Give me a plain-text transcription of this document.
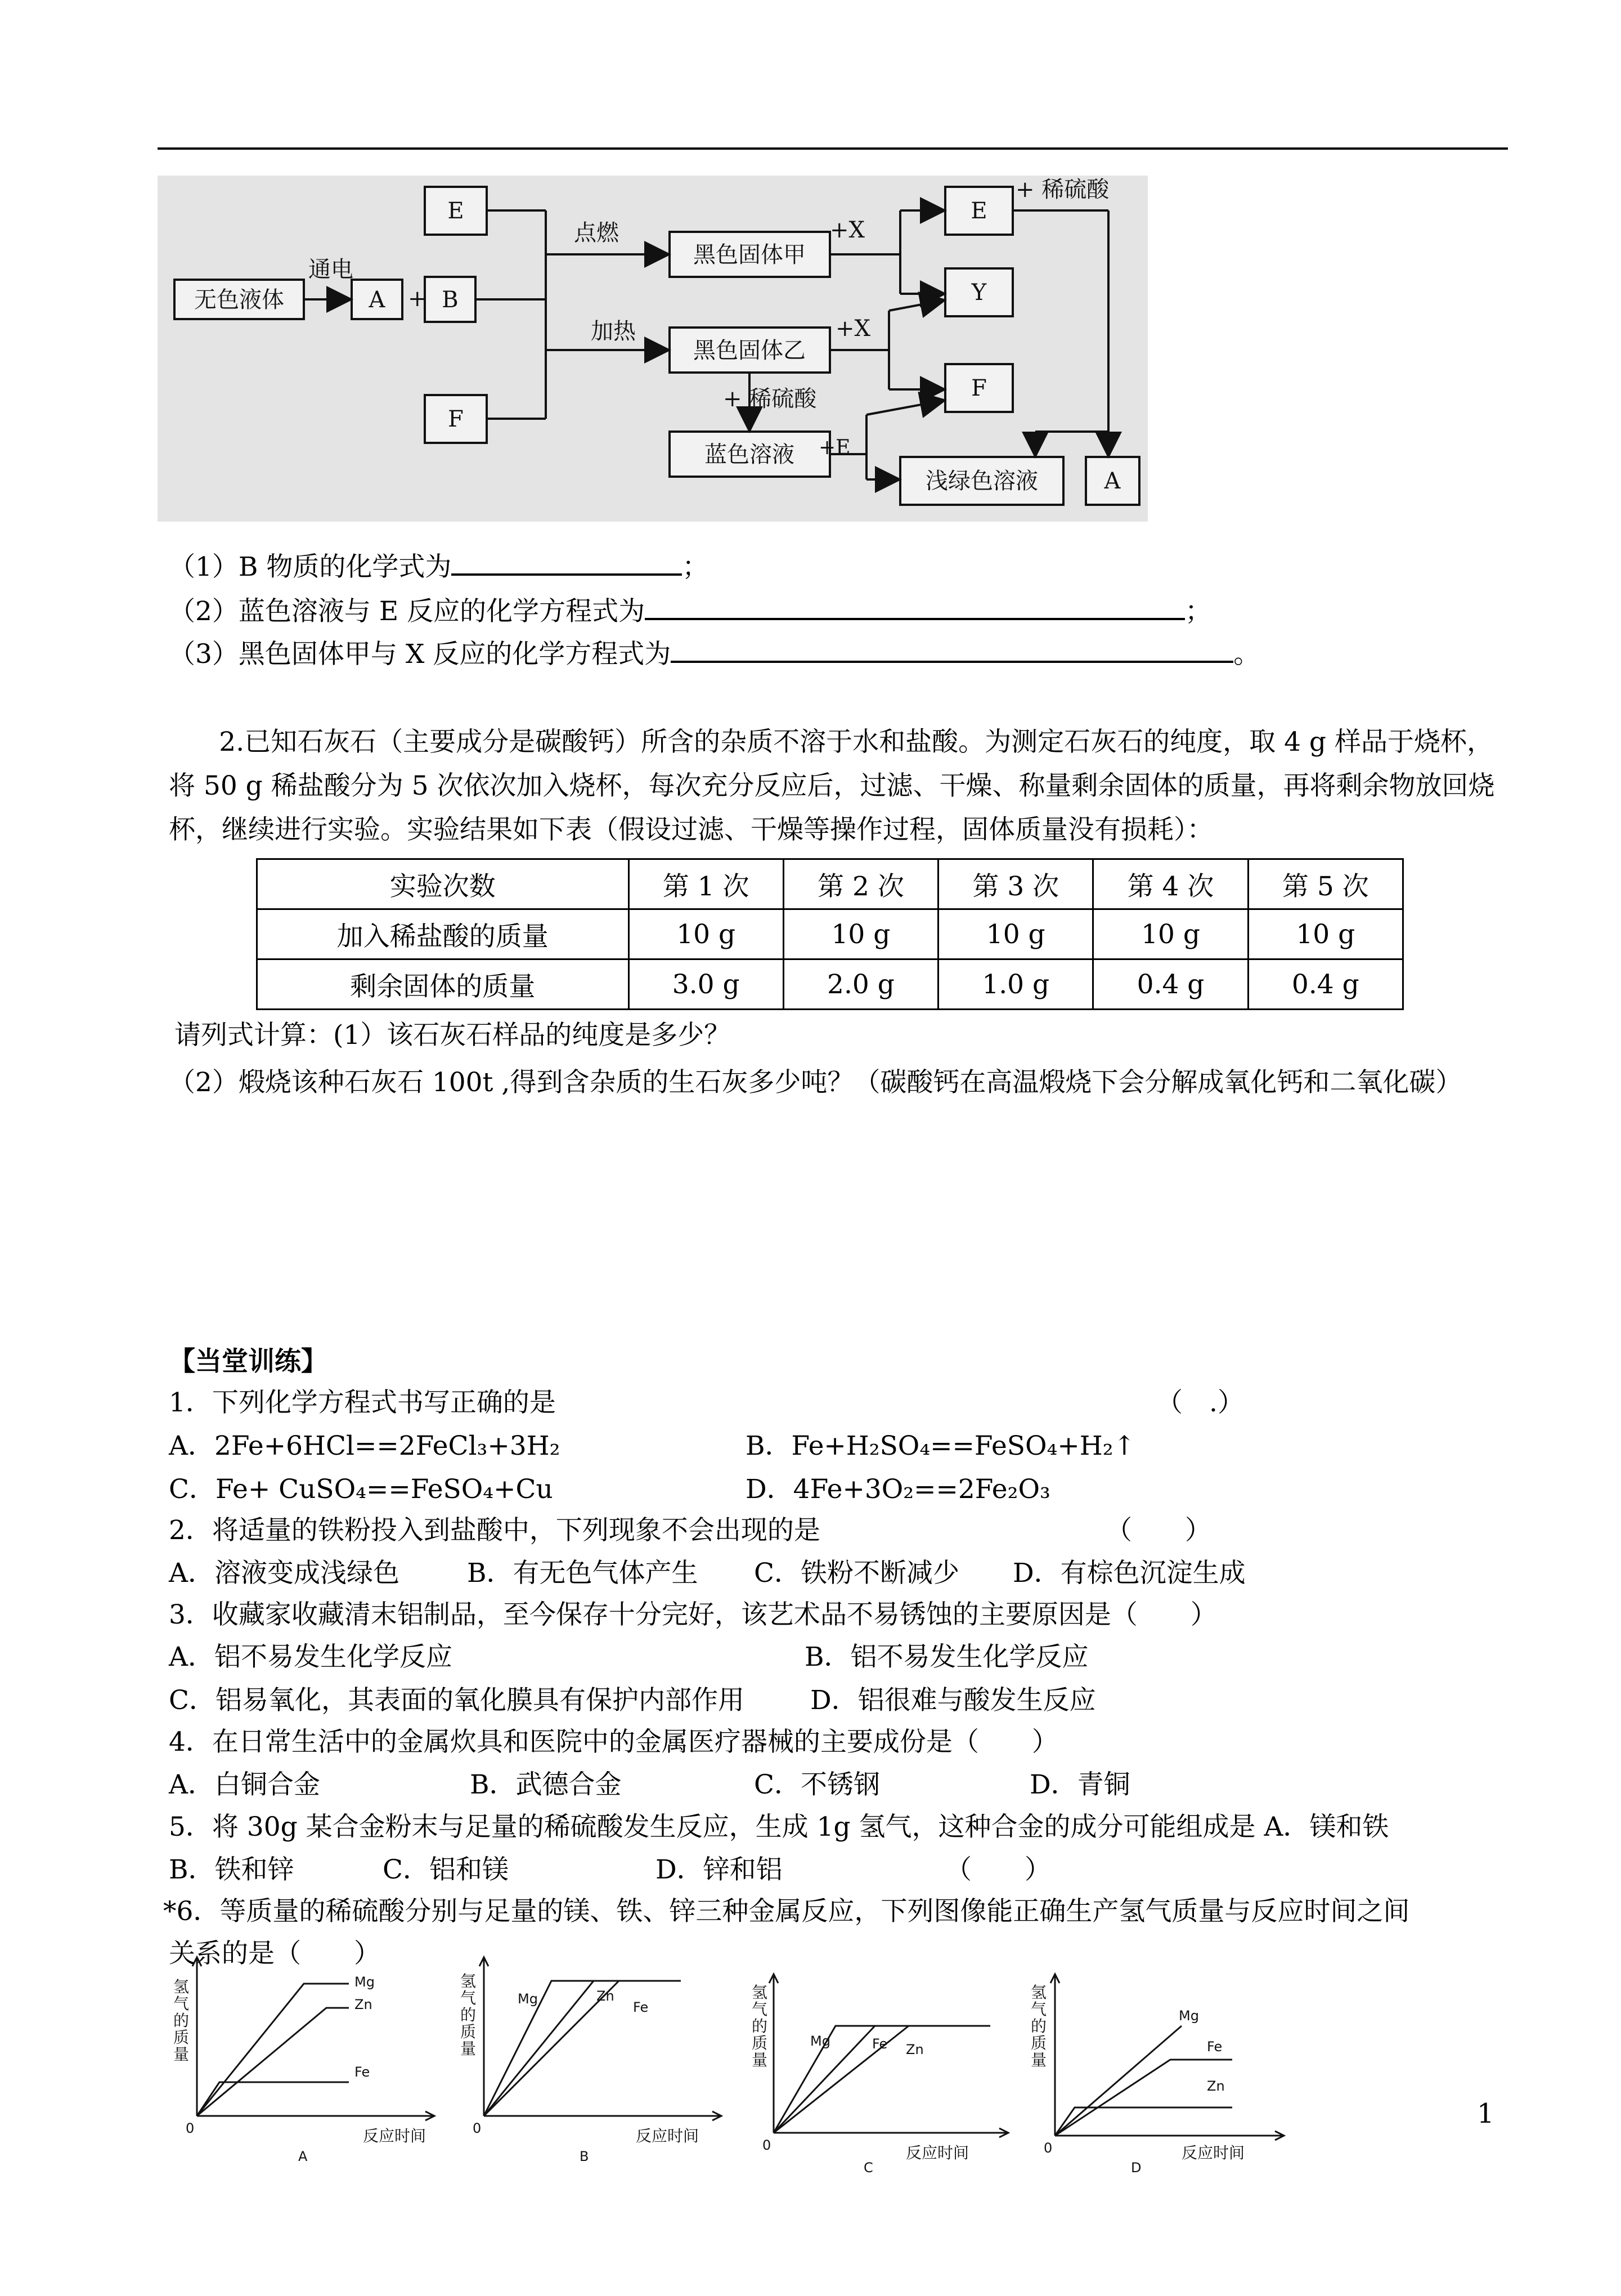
无色液体	A	B
E
F
黑色固体甲
黑色固体乙
蓝色溶液
E
Y
F
浅绿色溶液	A
通电
+
点燃
加热
+X
+X
+ 稀硫酸
+ 稀硫酸
+E
（1）B 物质的化学式为	；
（2）蓝色溶液与 E 反应的化学方程式为	；
（3）黑色固体甲与 X 反应的化学方程式为	。
2.已知石灰石（主要成分是碳酸钙）所含的杂质不溶于水和盐酸。为测定石灰石的纯度，取 4 g 样品于烧杯， 将 50 g 稀盐酸分为 5 次依次加入烧杯，每次充分反应后，过滤、干燥、称量剩余固体的质量，再将剩余物放回烧杯，继续进行实验。实验结果如下表（假设过滤、干燥等操作过程，固体质量没有损耗）：
实验次数	第 1 次	第 2 次	第 3 次	第 4 次	第 5 次
加入稀盐酸的质量	10 g	10 g	10 g	10 g	10 g
剩余固体的质量	3.0 g	2.0 g	1.0 g	0.4 g	0.4 g
请列式计算：(1）该石灰石样品的纯度是多少？
（2）煅烧该种石灰石 100t ,得到含杂质的生石灰多少吨？（碳酸钙在高温煅烧下会分解成氧化钙和二氧化碳）
【当堂训练】
1．下列化学方程式书写正确的是	（　.）
A．2Fe+6HCl==2FeCl₃+3H₂	B．Fe+H₂SO₄==FeSO₄+H₂↑
C．Fe+ CuSO₄==FeSO₄+Cu	D．4Fe+3O₂==2Fe₂O₃
2．将适量的铁粉投入到盐酸中，下列现象不会出现的是	（　　）
A．溶液变成浅绿色	B．有无色气体产生 C．铁粉不断减少 D．有棕色沉淀生成
3．收藏家收藏清末铝制品，至今保存十分完好，该艺术品不易锈蚀的主要原因是（　　）
A．铝不易发生化学反应	B．铝不易发生化学反应
C．铝易氧化，其表面的氧化膜具有保护内部作用 D．铝很难与酸发生反应
4．在日常生活中的金属炊具和医院中的金属医疗器械的主要成份是（　　）
A．白铜合金	B．武德合金	C．不锈钢	D．青铜
5．将 30g 某合金粉末与足量的稀硫酸发生反应，生成 1g 氢气，这种合金的成分可能组成是 A．镁和铁
B．铁和锌	C．铝和镁	D．锌和铝	（　　）
*6．等质量的稀硫酸分别与足量的镁、铁、锌三种金属反应，下列图像能正确生产氢气质量与反应时间之间
关系的是（　　）
氢
气
的
质
量
Mg
Zn
Fe
0	反应时间
A
氢
气
的
质
量
Mg	Zn
Fe
0	反应时间
B
氢
气
的
质
量
Mg	Fe Zn
0	反应时间
C
氢
气
的
质
量
Mg
Fe
Zn
0	反应时间
D
1
